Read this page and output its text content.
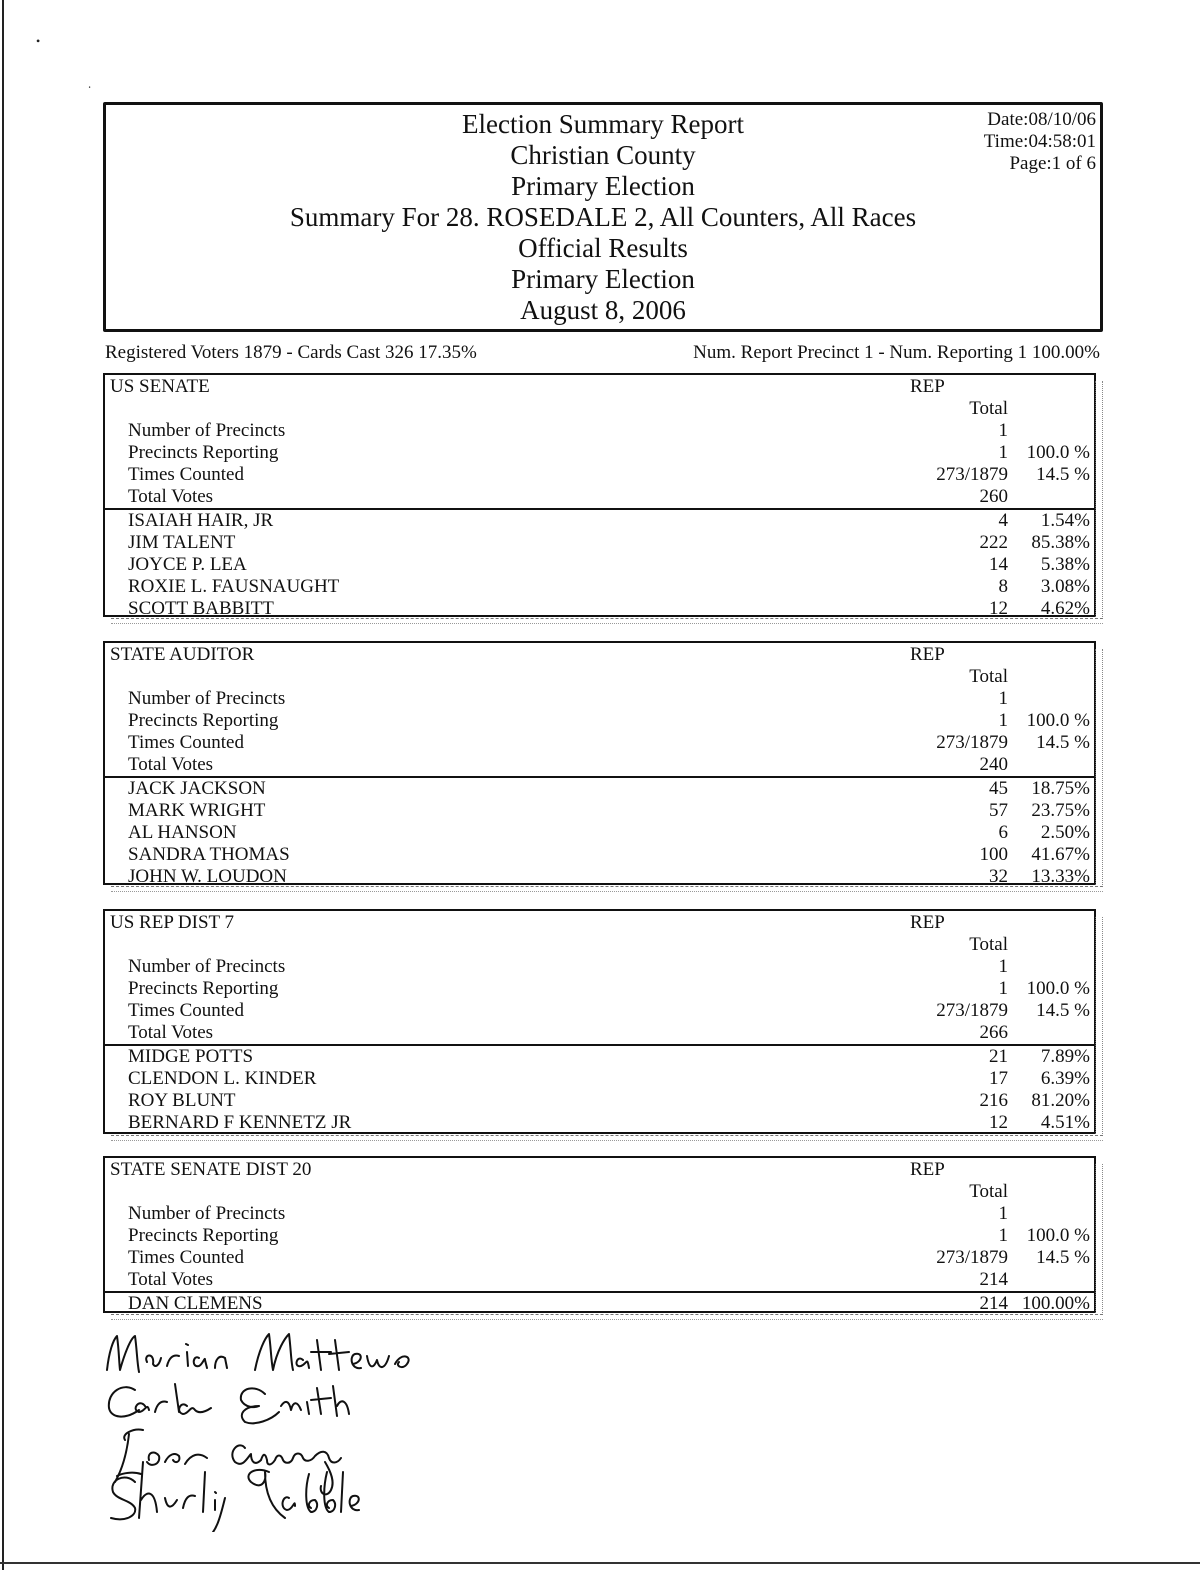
•
∙
Election Summary Report
Christian County
Primary Election
Summary For 28. ROSEDALE 2, All Counters, All Races
Official Results
Primary Election
August 8, 2006
Date:08/10/06
Time:04:58:01
Page:1 of 6
Registered Voters 1879 - Cards Cast 326 17.35%	Num. Report Precinct 1 - Num. Reporting 1 100.00%
US SENATE	REP
Total
Number of Precincts	1
Precincts Reporting	1 100.0 %
Times Counted	273/1879 14.5 %
Total Votes	260
ISAIAH HAIR, JR	4 1.54%
JIM TALENT	222 85.38%
JOYCE P. LEA	14 5.38%
ROXIE L. FAUSNAUGHT	8 3.08%
SCOTT BABBITT	12 4.62%
STATE AUDITOR	REP
Total
Number of Precincts	1
Precincts Reporting	1 100.0 %
Times Counted	273/1879 14.5 %
Total Votes	240
JACK JACKSON	45 18.75%
MARK WRIGHT	57 23.75%
AL HANSON	6 2.50%
SANDRA THOMAS	100 41.67%
JOHN W. LOUDON	32 13.33%
US REP DIST 7	REP
Total
Number of Precincts	1
Precincts Reporting	1 100.0 %
Times Counted	273/1879 14.5 %
Total Votes	266
MIDGE POTTS	21 7.89%
CLENDON L. KINDER	17 6.39%
ROY BLUNT	216 81.20%
BERNARD F KENNETZ JR	12 4.51%
STATE SENATE DIST 20	REP
Total
Number of Precincts	1
Precincts Reporting	1 100.0 %
Times Counted	273/1879 14.5 %
Total Votes	214
DAN CLEMENS	214 100.00%
